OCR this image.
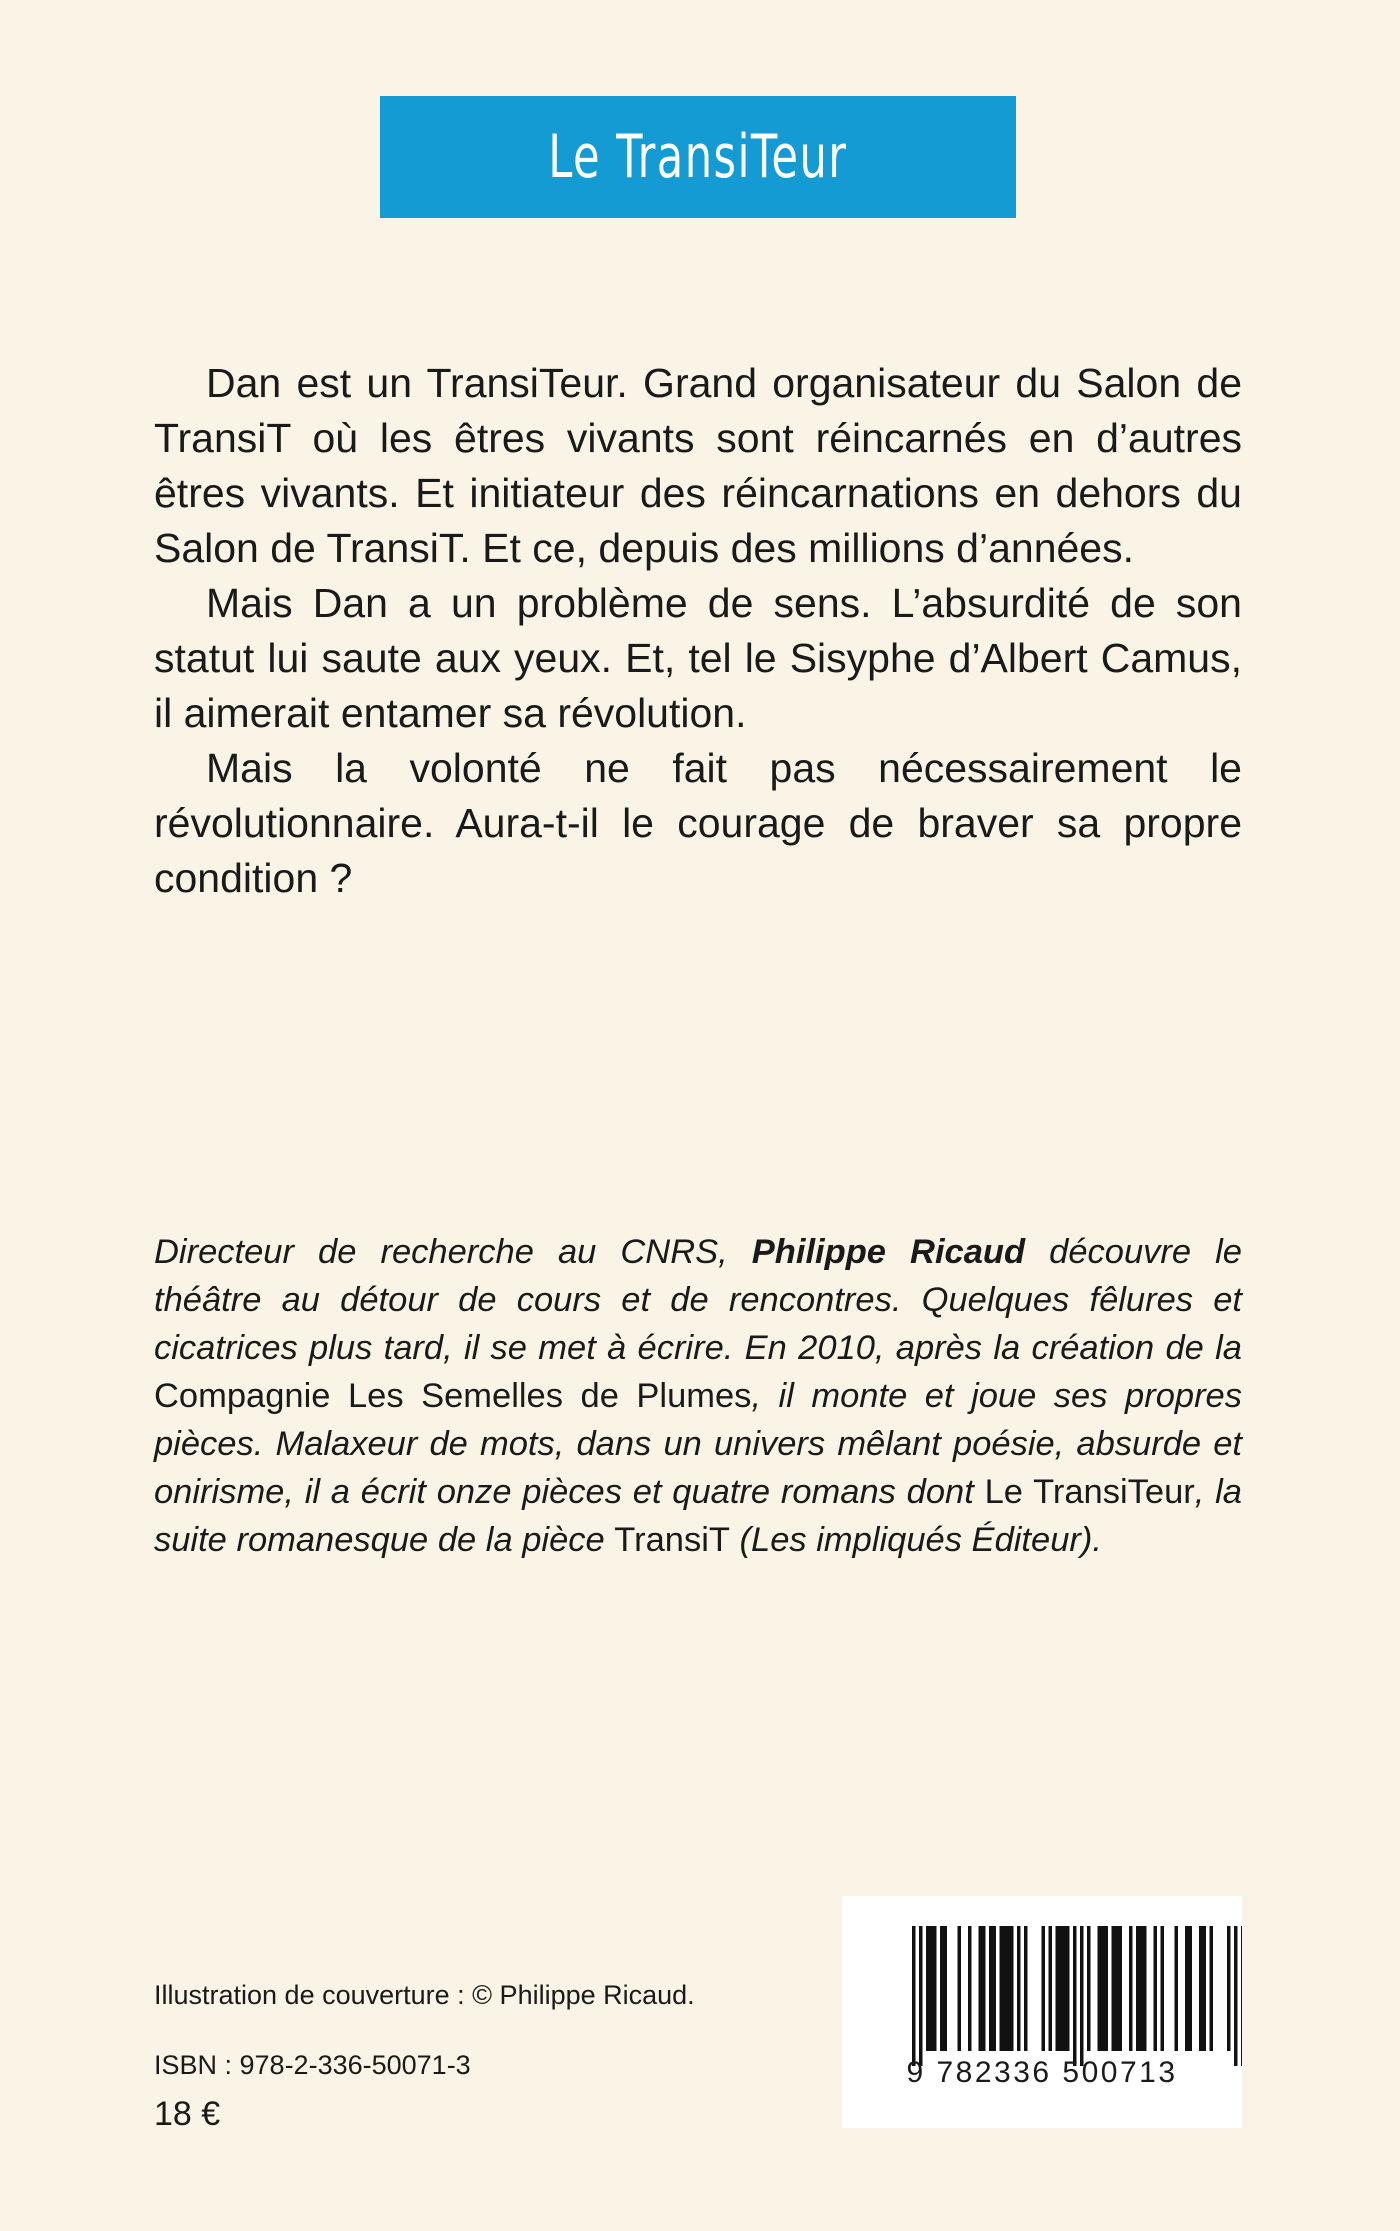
Le TransiTeur

Dan est un TransiTeur. Grand organisateur du Salon de TransiT où les êtres vivants sont réincarnés en d’autres êtres vivants. Et initiateur des réincarnations en dehors du Salon de TransiT. Et ce, depuis des millions d’années.

Mais Dan a un problème de sens. L’absurdité de son statut lui saute aux yeux. Et, tel le Sisyphe d’Albert Camus, il aimerait entamer sa révolution.

Mais la volonté ne fait pas nécessairement le révolutionnaire. Aura-t-il le courage de braver sa propre condition ?

Directeur de recherche au CNRS, Philippe Ricaud découvre le théâtre au détour de cours et de rencontres. Quelques fêlures et cicatrices plus tard, il se met à écrire. En 2010, après la création de la Compagnie Les Semelles de Plumes, il monte et joue ses propres pièces. Malaxeur de mots, dans un univers mêlant poésie, absurde et onirisme, il a écrit onze pièces et quatre romans dont Le TransiTeur, la suite romanesque de la pièce TransiT (Les impliqués Éditeur).
Illustration de couverture : © Philippe Ricaud.
ISBN : 978-2-336-50071-3
18 €
9 782336 500713
